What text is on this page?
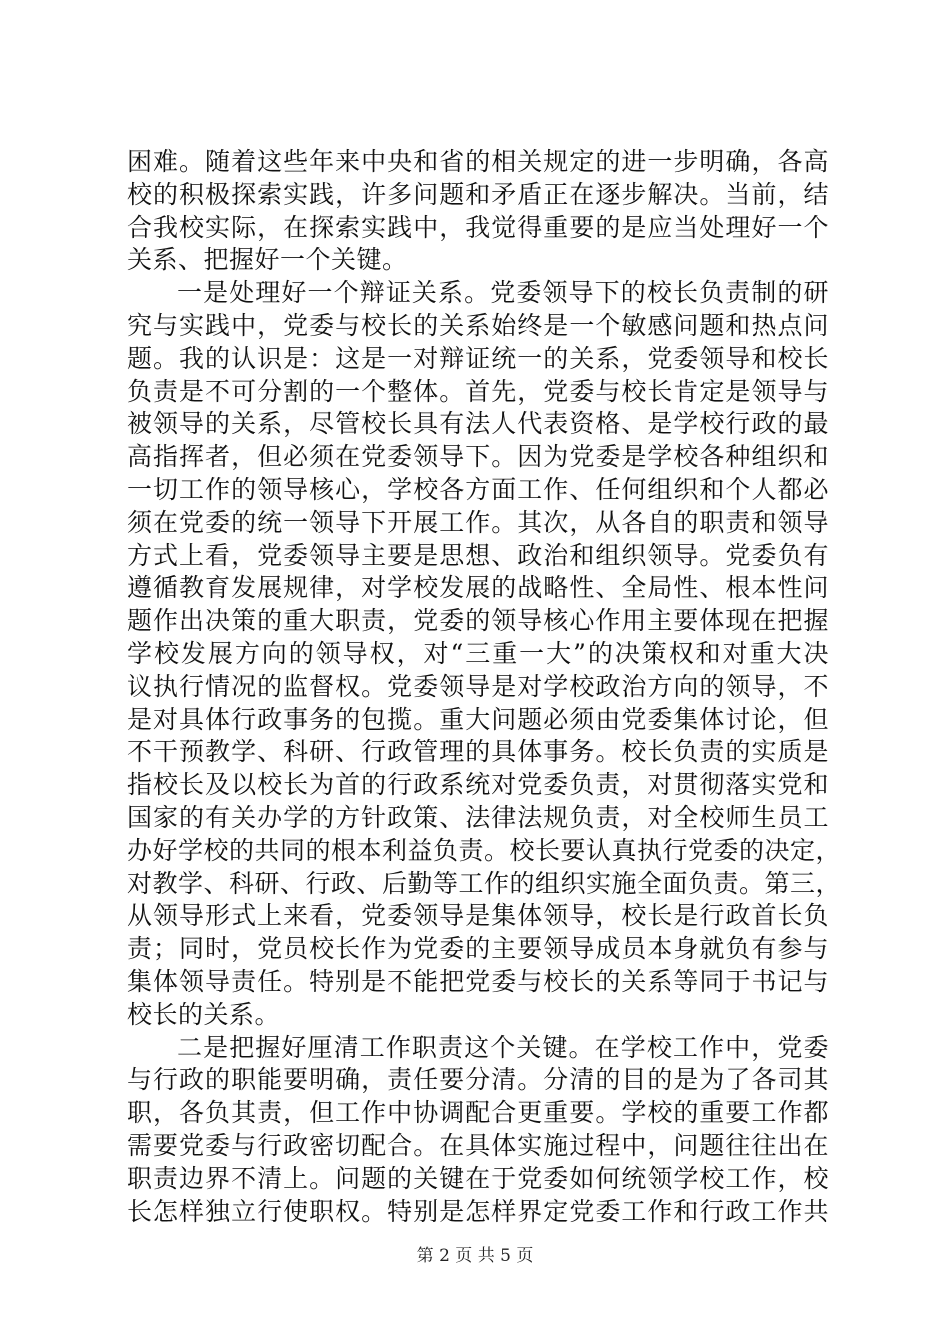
困难。随着这些年来中央和省的相关规定的进一步明确，各高
校的积极探索实践，许多问题和矛盾正在逐步解决。当前，结
合我校实际，在探索实践中，我觉得重要的是应当处理好一个
关系、把握好一个关键。
一是处理好一个辩证关系。党委领导下的校长负责制的研
究与实践中，党委与校长的关系始终是一个敏感问题和热点问
题。我的认识是：这是一对辩证统一的关系，党委领导和校长
负责是不可分割的一个整体。首先，党委与校长肯定是领导与
被领导的关系，尽管校长具有法人代表资格、是学校行政的最
高指挥者，但必须在党委领导下。因为党委是学校各种组织和
一切工作的领导核心，学校各方面工作、任何组织和个人都必
须在党委的统一领导下开展工作。其次，从各自的职责和领导
方式上看，党委领导主要是思想、政治和组织领导。党委负有
遵循教育发展规律，对学校发展的战略性、全局性、根本性问
题作出决策的重大职责，党委的领导核心作用主要体现在把握
学校发展方向的领导权，对“三重一大”的决策权和对重大决
议执行情况的监督权。党委领导是对学校政治方向的领导，不
是对具体行政事务的包揽。重大问题必须由党委集体讨论，但
不干预教学、科研、行政管理的具体事务。校长负责的实质是
指校长及以校长为首的行政系统对党委负责，对贯彻落实党和
国家的有关办学的方针政策、法律法规负责，对全校师生员工
办好学校的共同的根本利益负责。校长要认真执行党委的决定，
对教学、科研、行政、后勤等工作的组织实施全面负责。第三，
从领导形式上来看，党委领导是集体领导，校长是行政首长负
责；同时，党员校长作为党委的主要领导成员本身就负有参与
集体领导责任。特别是不能把党委与校长的关系等同于书记与
校长的关系。
二是把握好厘清工作职责这个关键。在学校工作中，党委
与行政的职能要明确，责任要分清。分清的目的是为了各司其
职，各负其责，但工作中协调配合更重要。学校的重要工作都
需要党委与行政密切配合。在具体实施过程中，问题往往出在
职责边界不清上。问题的关键在于党委如何统领学校工作，校
长怎样独立行使职权。特别是怎样界定党委工作和行政工作共
第 2 页 共 5 页
